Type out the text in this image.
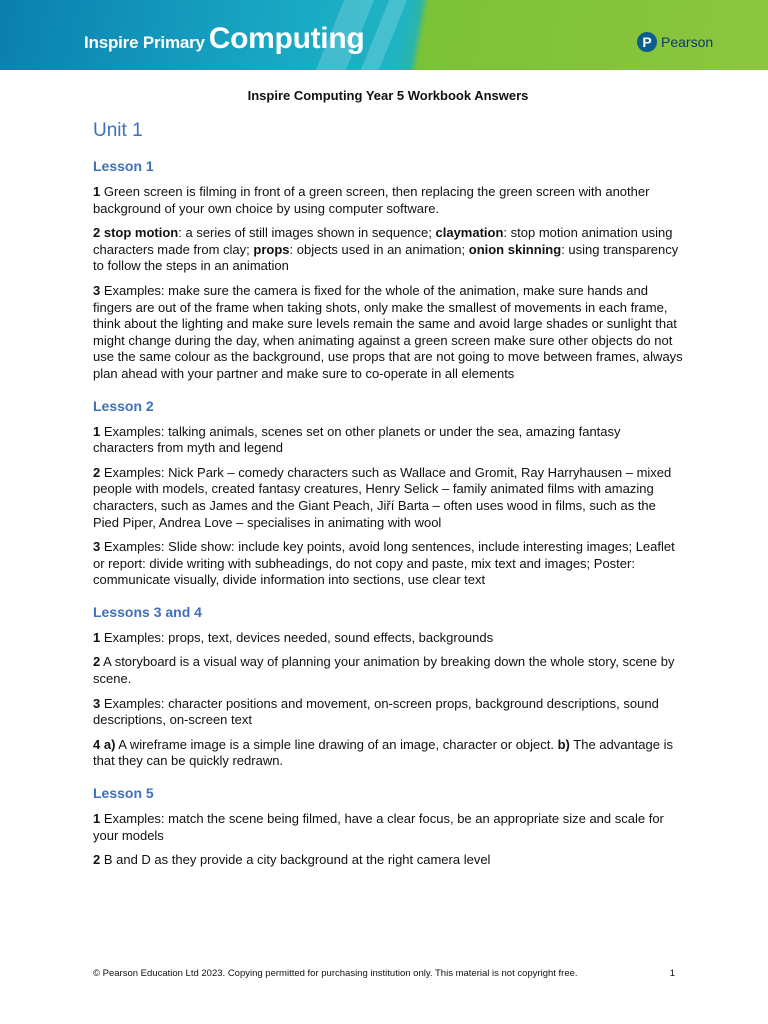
Inspire Primary Computing	P Pearson
Inspire Computing Year 5 Workbook Answers
Unit 1
Lesson 1

1 Green screen is filming in front of a green screen, then replacing the green screen with another background of your own choice by using computer software.

2 stop motion: a series of still images shown in sequence; claymation: stop motion animation using characters made from clay; props: objects used in an animation; onion skinning: using transparency to follow the steps in an animation

3 Examples: make sure the camera is fixed for the whole of the animation, make sure hands and fingers are out of the frame when taking shots, only make the smallest of movements in each frame, think about the lighting and make sure levels remain the same and avoid large shades or sunlight that might change during the day, when animating against a green screen make sure other objects do not use the same colour as the background, use props that are not going to move between frames, always plan ahead with your partner and make sure to co-operate in all elements

Lesson 2

1 Examples: talking animals, scenes set on other planets or under the sea, amazing fantasy characters from myth and legend

2 Examples: Nick Park – comedy characters such as Wallace and Gromit, Ray Harryhausen – mixed people with models, created fantasy creatures, Henry Selick – family animated films with amazing characters, such as James and the Giant Peach, Jiří Barta – often uses wood in films, such as the Pied Piper, Andrea Love – specialises in animating with wool

3 Examples: Slide show: include key points, avoid long sentences, include interesting images; Leaflet or report: divide writing with subheadings, do not copy and paste, mix text and images; Poster: communicate visually, divide information into sections, use clear text

Lessons 3 and 4

1 Examples: props, text, devices needed, sound effects, backgrounds

2 A storyboard is a visual way of planning your animation by breaking down the whole story, scene by scene.

3 Examples: character positions and movement, on-screen props, background descriptions, sound descriptions, on-screen text

4 a) A wireframe image is a simple line drawing of an image, character or object. b) The advantage is that they can be quickly redrawn.

Lesson 5

1 Examples: match the scene being filmed, have a clear focus, be an appropriate size and scale for your models

2 B and D as they provide a city background at the right camera level

© Pearson Education Ltd 2023. Copying permitted for purchasing institution only. This material is not copyright free.	1
